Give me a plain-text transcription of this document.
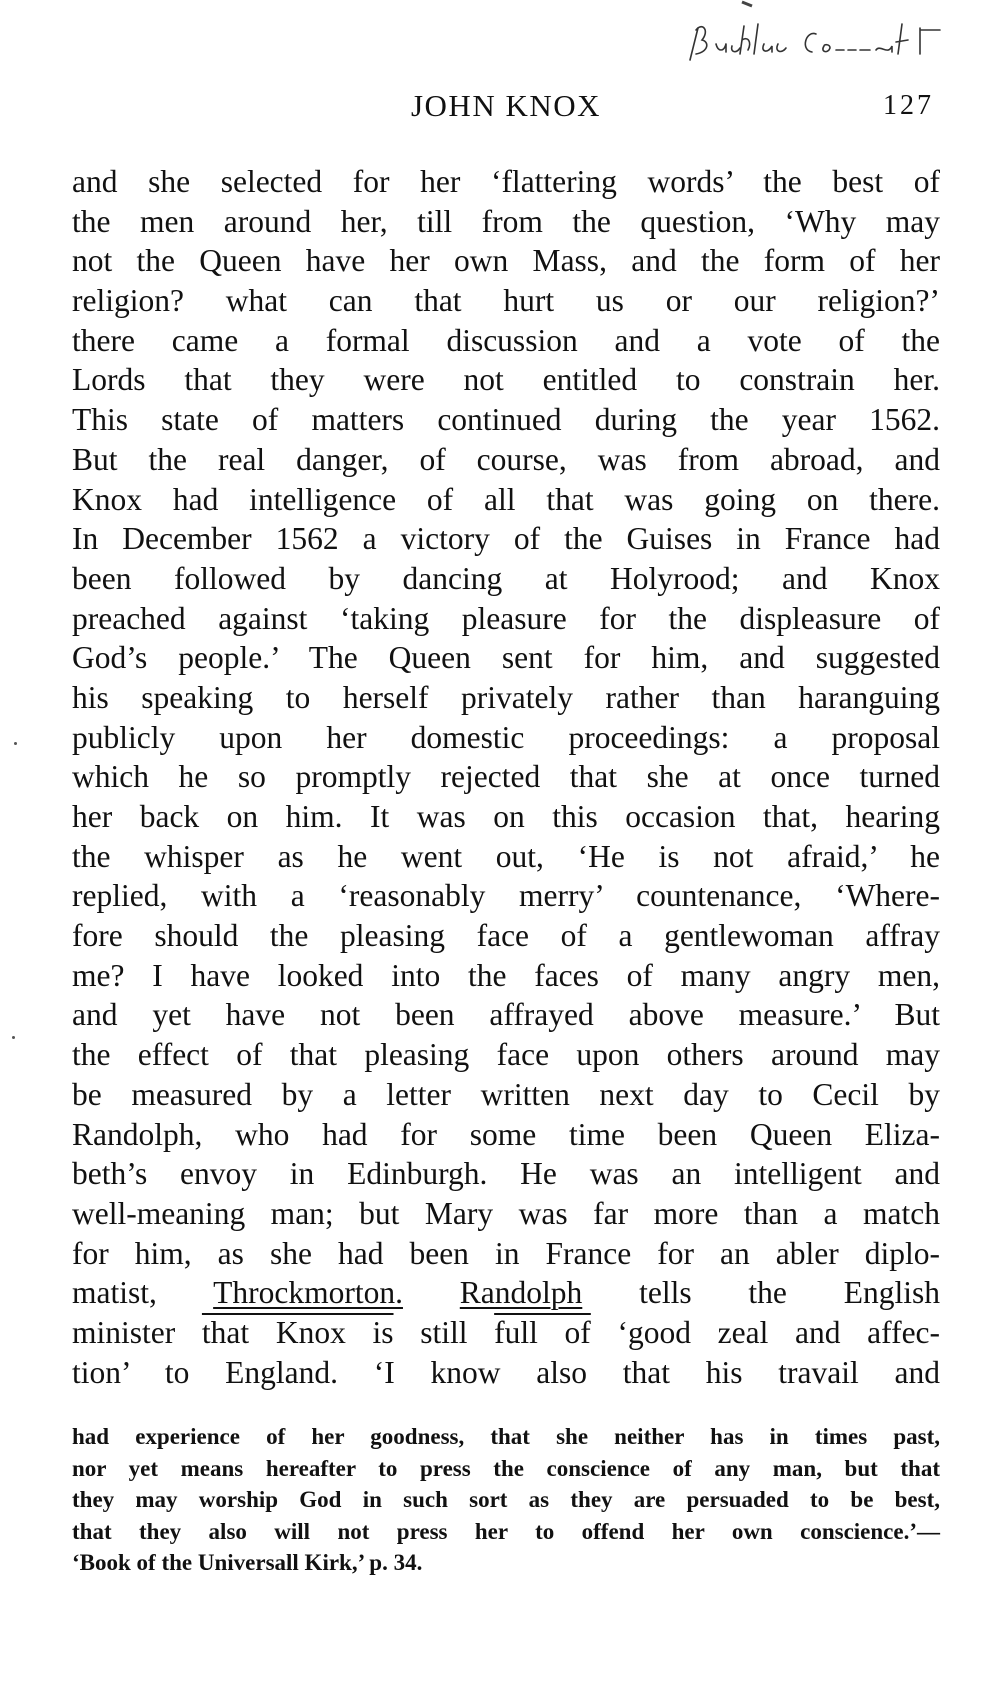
JOHN KNOX	127
and she selected for her ‘flattering words’ the best of
the men around her, till from the question, ‘Why may
not the Queen have her own Mass, and the form of her
religion? what can that hurt us or our religion?’
there came a formal discussion and a vote of the
Lords that they were not entitled to constrain her.
This state of matters continued during the year 1562.
But the real danger, of course, was from abroad, and
Knox had intelligence of all that was going on there.
In December 1562 a victory of the Guises in France had
been followed by dancing at Holyrood; and Knox
preached against ‘taking pleasure for the displeasure of
God’s people.’ The Queen sent for him, and suggested
his speaking to herself privately rather than haranguing
publicly upon her domestic proceedings: a proposal
which he so promptly rejected that she at once turned
her back on him. It was on this occasion that, hearing
the whisper as he went out, ‘He is not afraid,’ he
replied, with a ‘reasonably merry’ countenance, ‘Where-
fore should the pleasing face of a gentlewoman affray
me? I have looked into the faces of many angry men,
and yet have not been affrayed above measure.’ But
the effect of that pleasing face upon others around may
be measured by a letter written next day to Cecil by
Randolph, who had for some time been Queen Eliza-
beth’s envoy in Edinburgh. He was an intelligent and
well-meaning man; but Mary was far more than a match
for him, as she had been in France for an abler diplo-
matist, Throckmorton. Randolph tells the English
minister that Knox is still full of ‘good zeal and affec-
tion’ to England. ‘I know also that his travail and
had experience of her goodness, that she neither has in times past,
nor yet means hereafter to press the conscience of any man, but that
they may worship God in such sort as they are persuaded to be best,
that they also will not press her to offend her own conscience.’—
‘Book of the Universall Kirk,’ p. 34.
